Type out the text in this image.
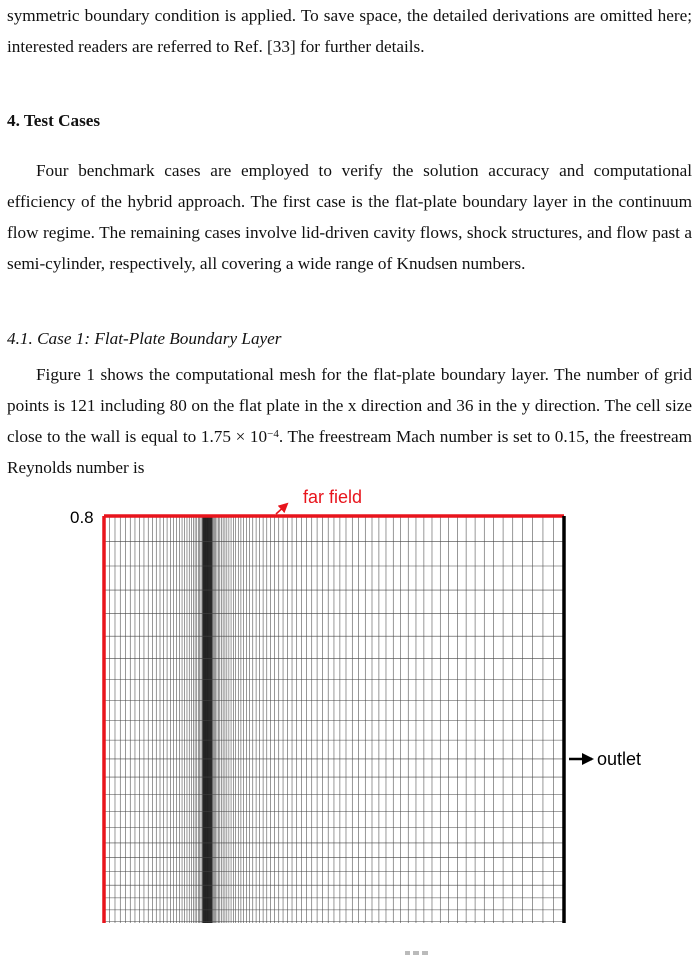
symmetric boundary condition is applied. To save space, the detailed derivations are omitted here; interested readers are referred to Ref. [33] for further details.

4. Test Cases

Four benchmark cases are employed to verify the solution accuracy and computational efficiency of the hybrid approach. The first case is the flat-plate boundary layer in the continuum flow regime. The remaining cases involve lid-driven cavity flows, shock structures, and flow past a semi-cylinder, respectively, all covering a wide range of Knudsen numbers.

4.1. Case 1: Flat-Plate Boundary Layer

Figure 1 shows the computational mesh for the flat-plate boundary layer. The number of grid points is 121 including 80 on the flat plate in the x direction and 36 in the y direction. The cell size close to the wall is equal to $1.75 \times 10^{-4}$. The freestream Mach number is set to 0.15, the freestream Reynolds number is

far field
outlet
0.8
